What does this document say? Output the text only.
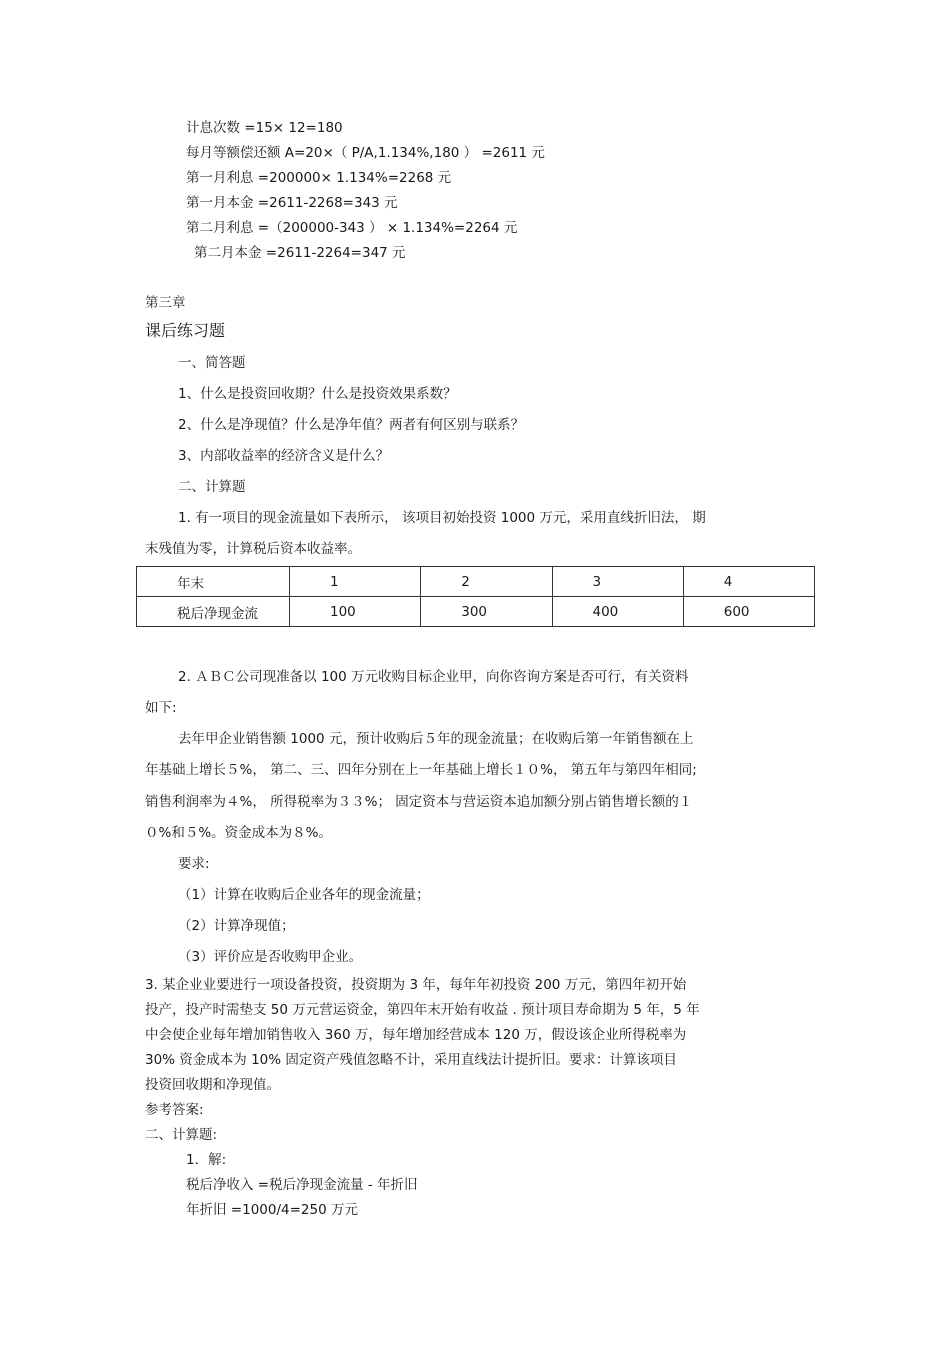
计息次数 =15× 12=180
每月等额偿还额 A=20×（ P/A,1.134%,180 ） =2611 元
第一月利息 =200000× 1.134%=2268 元
第一月本金 =2611-2268=343 元
第二月利息 =（200000-343 ） × 1.134%=2264 元
第二月本金 =2611-2264=347 元
第三章
课后练习题
一、简答题
1、什么是投资回收期？什么是投资效果系数？
2、什么是净现值？什么是净年值？两者有何区别与联系？
3、内部收益率的经济含义是什么？
二、计算题
1. 有一项目的现金流量如下表所示， 该项目初始投资 1000 万元，采用直线折旧法， 期
末残值为零，计算税后资本收益率。
年末	1	2	3	4
税后净现金流	100	300	400	600
2. ＡＢＣ公司现准备以 100 万元收购目标企业甲，向你咨询方案是否可行，有关资料
如下:
去年甲企业销售额 1000 元，预计收购后５年的现金流量；在收购后第一年销售额在上
年基础上增长５%， 第二、三、四年分别在上一年基础上增长１０%， 第五年与第四年相同;
销售利润率为４%， 所得税率为３３%； 固定资本与营运资本追加额分别占销售增长额的１
０%和５%。资金成本为８%。
要求:
（1）计算在收购后企业各年的现金流量；
（2）计算净现值；
（3）评价应是否收购甲企业。
3. 某企业业要进行一项设备投资，投资期为 3 年，每年年初投资 200 万元，第四年初开始
投产，投产时需垫支 50 万元营运资金，第四年末开始有收益 . 预计项目寿命期为 5 年，5 年
中会使企业每年增加销售收入 360 万，每年增加经营成本 120 万，假设该企业所得税率为
30% 资金成本为 10% 固定资产残值忽略不计，采用直线法计提折旧。要求：计算该项目
投资回收期和净现值。
参考答案:
二、计算题:
1．解:
税后净收入 =税后净现金流量 - 年折旧
年折旧 =1000/4=250 万元
